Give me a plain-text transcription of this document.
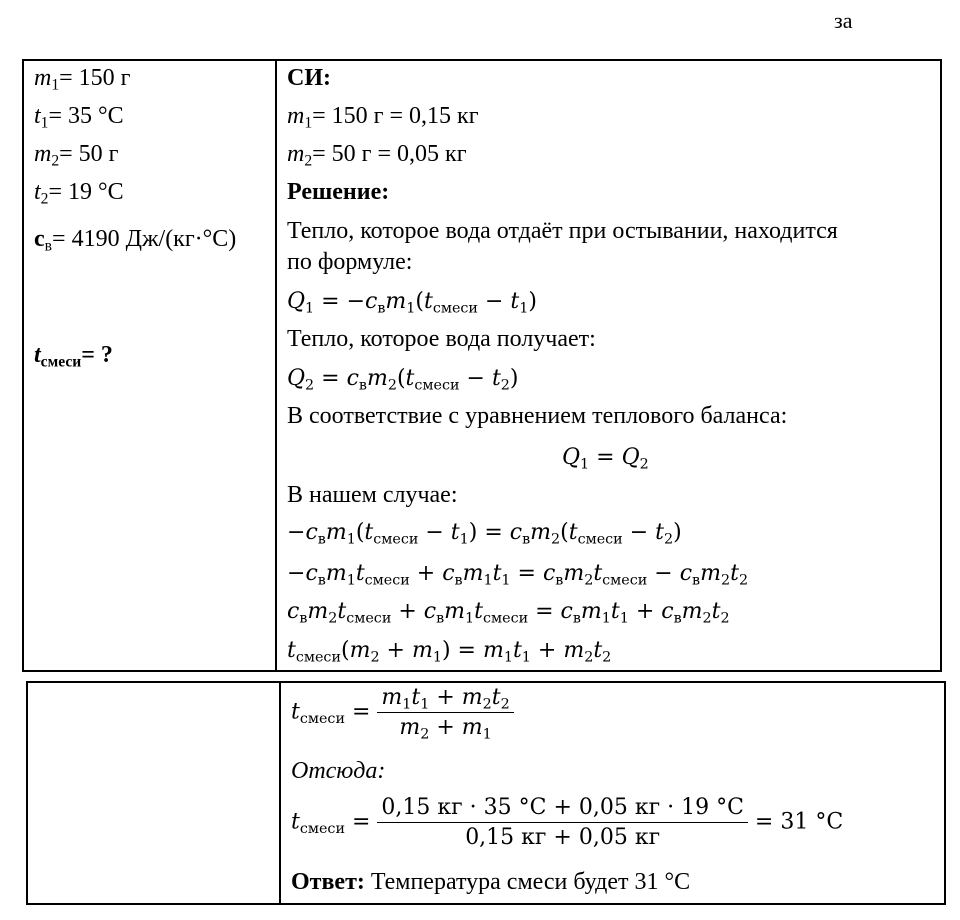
за
$m_1= 150$ г
$t_1= 35$ °С
$m_2= 50$ г
$t_2= 19$ °С
$c_в= 4190$ Дж/(кг·°С)
$t_{смеси}=$ ?
СИ:
$m_1= 150$ г = 0,15 кг
$m_2= 50$ г = 0,05 кг
Решение:
Тепло, которое вода отдаёт при остывании, находится
по формуле:
$Q_1 = -c_вm_1(t_{смеси} - t_1)$
Тепло, которое вода получает:
$Q_2 = c_вm_2(t_{смеси} - t_2)$
В соответствие с уравнением теплового баланса:
$Q_1 = Q_2$
В нашем случае:
$-c_вm_1(t_{смеси} - t_1) = c_вm_2(t_{смеси} - t_2)$
$-c_вm_1t_{смеси} + c_вm_1t_1 = c_вm_2t_{смеси} - c_вm_2t_2$
$c_вm_2t_{смеси} + c_вm_1t_{смеси} = c_вm_1t_1 + c_вm_2t_2$
$t_{смеси}(m_2 + m_1) = m_1t_1 + m_2t_2$
$t_{смеси} = \frac{m_1t_1 + m_2t_2}{m_2 + m_1}$
Отсюда:
$t_{смеси} = \frac{0,15 кг \cdot 35 ^\circ С + 0,05 кг \cdot 19 ^\circ С}{0,15 кг + 0,05 кг} = 31$ °С
Ответ: Температура смеси будет 31 °С
